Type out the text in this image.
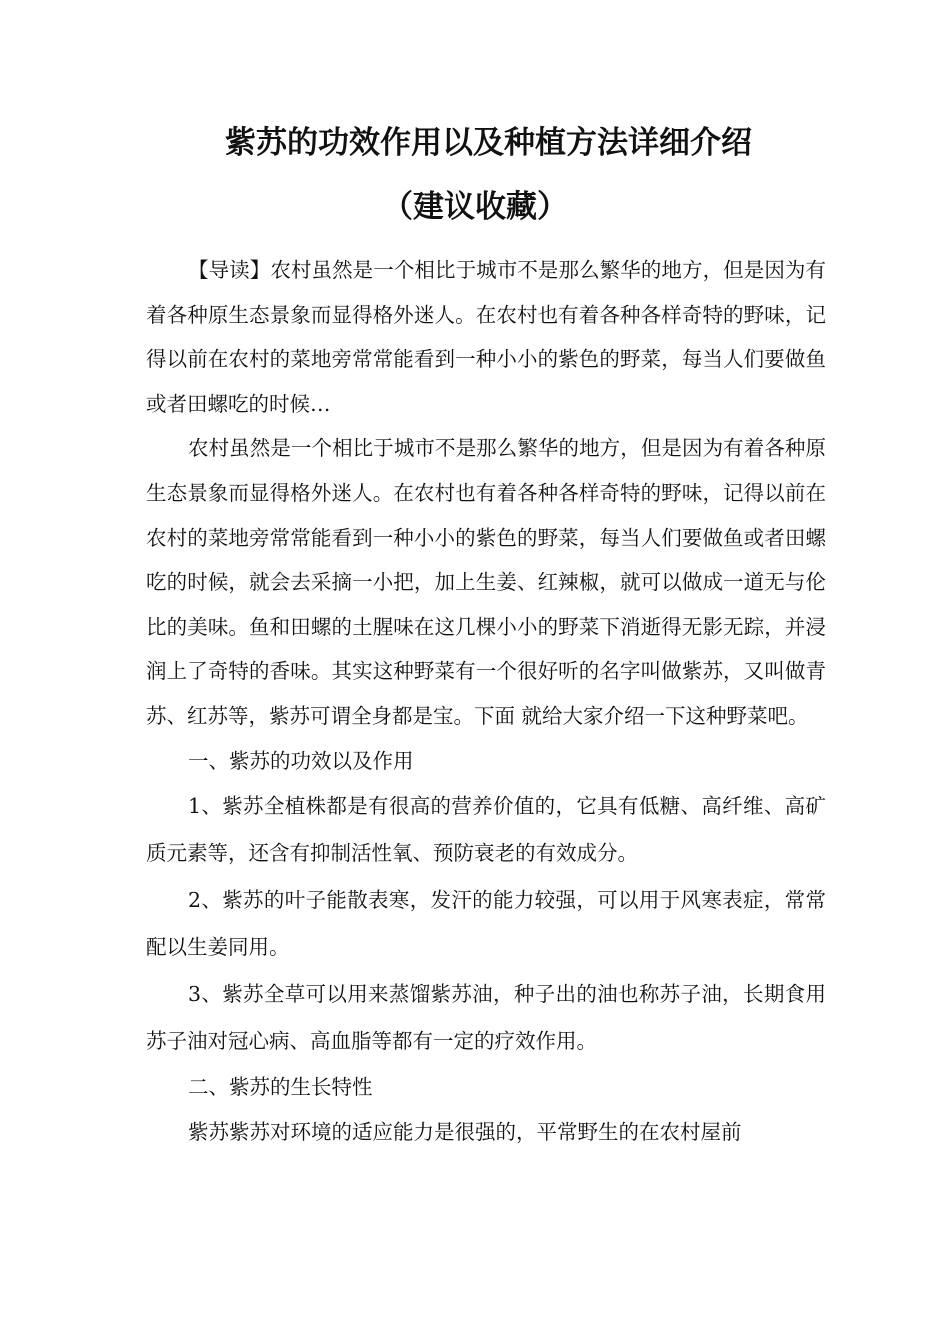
紫苏的功效作用以及种植方法详细介绍
（建议收藏）

【导读】农村虽然是一个相比于城市不是那么繁华的地方，但是因为有着各种原生态景象而显得格外迷人。在农村也有着各种各样奇特的野味，记得以前在农村的菜地旁常常能看到一种小小的紫色的野菜，每当人们要做鱼或者田螺吃的时候…

农村虽然是一个相比于城市不是那么繁华的地方，但是因为有着各种原生态景象而显得格外迷人。在农村也有着各种各样奇特的野味，记得以前在农村的菜地旁常常能看到一种小小的紫色的野菜，每当人们要做鱼或者田螺吃的时候，就会去采摘一小把，加上生姜、红辣椒，就可以做成一道无与伦比的美味。鱼和田螺的土腥味在这几棵小小的野菜下消逝得无影无踪，并浸润上了奇特的香味。其实这种野菜有一个很好听的名字叫做紫苏，又叫做青苏、红苏等，紫苏可谓全身都是宝。下面 就给大家介绍一下这种野菜吧。

一、紫苏的功效以及作用

1、紫苏全植株都是有很高的营养价值的，它具有低糖、高纤维、高矿质元素等，还含有抑制活性氧、预防衰老的有效成分。

2、紫苏的叶子能散表寒，发汗的能力较强，可以用于风寒表症，常常配以生姜同用。

3、紫苏全草可以用来蒸馏紫苏油，种子出的油也称苏子油，长期食用苏子油对冠心病、高血脂等都有一定的疗效作用。

二、紫苏的生长特性

紫苏紫苏对环境的适应能力是很强的，平常野生的在农村屋前
